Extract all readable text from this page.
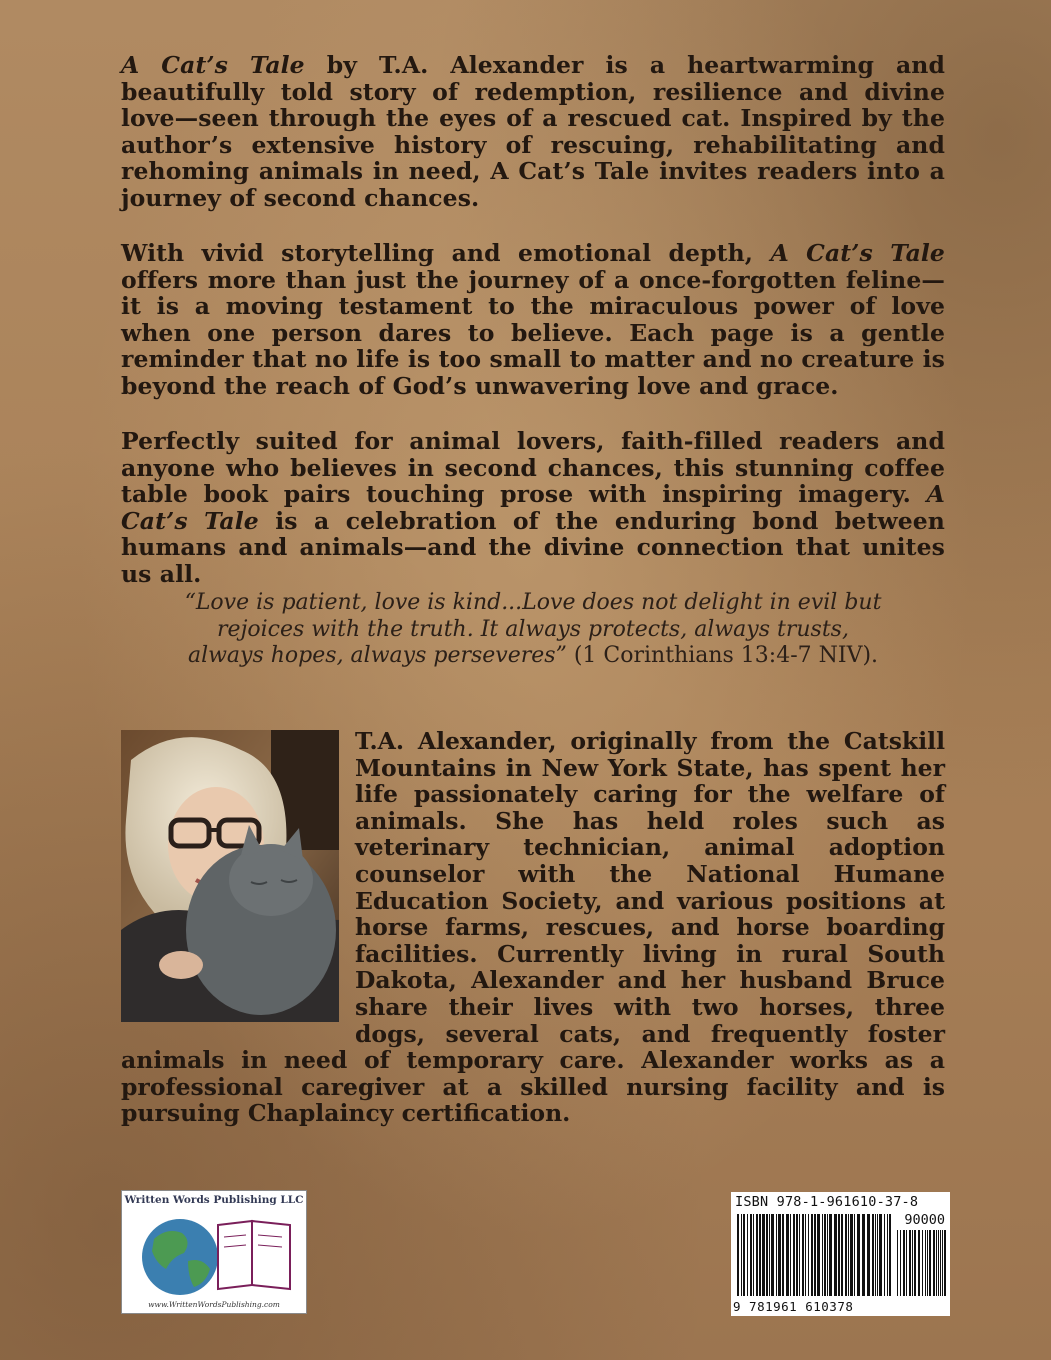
A Cat’s Tale by T.A. Alexander is a heartwarming and beautifully told story of redemption, resilience and divine love—seen through the eyes of a rescued cat. Inspired by the author’s extensive history of rescuing, rehabilitating and rehoming animals in need, A Cat’s Tale invites readers into a journey of second chances.
With vivid storytelling and emotional depth, A Cat’s Tale offers more than just the journey of a once-forgotten feline—it is a moving testament to the miraculous power of love when one person dares to believe. Each page is a gentle reminder that no life is too small to matter and no creature is beyond the reach of God’s unwavering love and grace.
Perfectly suited for animal lovers, faith-filled readers and anyone who believes in second chances, this stunning coffee table book pairs touching prose with inspiring imagery. A Cat’s Tale is a celebration of the enduring bond between humans and animals—and the divine connection that unites us all.
“Love is patient, love is kind...Love does not delight in evil but
rejoices with the truth. It always protects, always trusts,
always hopes, always perseveres” (1 Corinthians 13:4-7 NIV).
T.A. Alexander, originally from the Catskill Mountains in New York State, has spent her life passionately caring for the welfare of animals. She has held roles such as veterinary technician, animal adoption counselor with the National Humane Education Society, and various positions at horse farms, rescues, and horse boarding facilities. Currently living in rural South Dakota, Alexander and her husband Bruce share their lives with two horses, three dogs, several cats, and frequently foster animals in need of temporary care. Alexander works as a professional caregiver at a skilled nursing facility and is pursuing Chaplaincy certification.
Written Words Publishing LLC
www.WrittenWordsPublishing.com
ISBN 978-1-961610-37-8
90000
9 781961 610378
